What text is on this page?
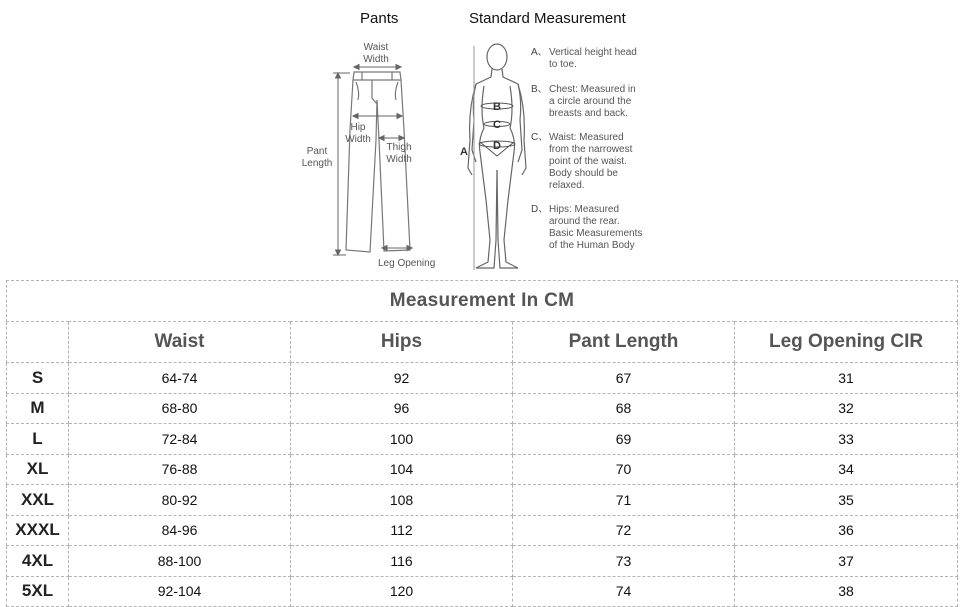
Pants	Standard Measurement
Waist
Width
Hip
Width
Pant
Length
Thigh
Width
Leg Opening
A
B
C
D
A、 Vertical height head
to toe.
B、 Chest: Measured in
a circle around the
breasts and back.
C、 Waist: Measured
from the narrowest
point of the waist.
Body should be
relaxed.
D、 Hips: Measured
around the rear.
Basic Measurements
of the Human Body
Measurement In CM				
	Waist	Hips	Pant Length	Leg Opening CIR
S	64-74	92	67	31
M	68-80	96	68	32
L	72-84	100	69	33
XL	76-88	104	70	34
XXL	80-92	108	71	35
XXXL	84-96	112	72	36
4XL	88-100	116	73	37
5XL	92-104	120	74	38
